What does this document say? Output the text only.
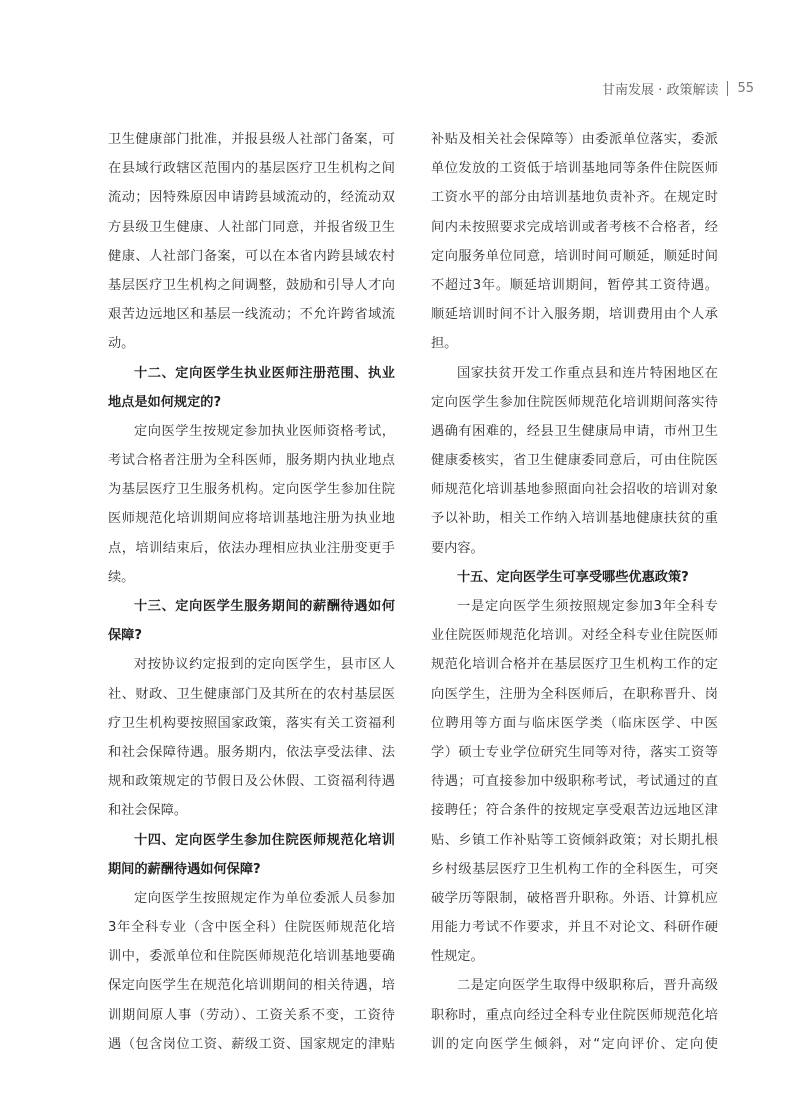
甘南发展 · 政策解读 55
卫生健康部门批准，并报县级人社部门备案，可
在县域行政辖区范围内的基层医疗卫生机构之间
流动；因特殊原因申请跨县域流动的，经流动双
方县级卫生健康、人社部门同意，并报省级卫生
健康、人社部门备案，可以在本省内跨县域农村
基层医疗卫生机构之间调整，鼓励和引导人才向
艰苦边远地区和基层一线流动；不允许跨省域流
动。
十二、定向医学生执业医师注册范围、执业
地点是如何规定的?
定向医学生按规定参加执业医师资格考试，
考试合格者注册为全科医师，服务期内执业地点
为基层医疗卫生服务机构。定向医学生参加住院
医师规范化培训期间应将培训基地注册为执业地
点，培训结束后，依法办理相应执业注册变更手
续。
十三、定向医学生服务期间的薪酬待遇如何
保障?
对按协议约定报到的定向医学生，县市区人
社、财政、卫生健康部门及其所在的农村基层医
疗卫生机构要按照国家政策，落实有关工资福利
和社会保障待遇。服务期内，依法享受法律、法
规和政策规定的节假日及公休假、工资福利待遇
和社会保障。
十四、定向医学生参加住院医师规范化培训
期间的薪酬待遇如何保障?
定向医学生按照规定作为单位委派人员参加
3年全科专业（含中医全科）住院医师规范化培
训中，委派单位和住院医师规范化培训基地要确
保定向医学生在规范化培训期间的相关待遇，培
训期间原人事（劳动）、工资关系不变，工资待
遇（包含岗位工资、薪级工资、国家规定的津贴
补贴及相关社会保障等）由委派单位落实，委派
单位发放的工资低于培训基地同等条件住院医师
工资水平的部分由培训基地负责补齐。在规定时
间内未按照要求完成培训或者考核不合格者，经
定向服务单位同意，培训时间可顺延，顺延时间
不超过3年。顺延培训期间，暂停其工资待遇。
顺延培训时间不计入服务期，培训费用由个人承
担。
国家扶贫开发工作重点县和连片特困地区在
定向医学生参加住院医师规范化培训期间落实待
遇确有困难的，经县卫生健康局申请，市州卫生
健康委核实，省卫生健康委同意后，可由住院医
师规范化培训基地参照面向社会招收的培训对象
予以补助，相关工作纳入培训基地健康扶贫的重
要内容。
十五、定向医学生可享受哪些优惠政策?
一是定向医学生须按照规定参加3年全科专
业住院医师规范化培训。对经全科专业住院医师
规范化培训合格并在基层医疗卫生机构工作的定
向医学生，注册为全科医师后，在职称晋升、岗
位聘用等方面与临床医学类（临床医学、中医
学）硕士专业学位研究生同等对待，落实工资等
待遇；可直接参加中级职称考试，考试通过的直
接聘任；符合条件的按规定享受艰苦边远地区津
贴、乡镇工作补贴等工资倾斜政策；对长期扎根
乡村级基层医疗卫生机构工作的全科医生，可突
破学历等限制，破格晋升职称。外语、计算机应
用能力考试不作要求，并且不对论文、科研作硬
性规定。
二是定向医学生取得中级职称后，晋升高级
职称时，重点向经过全科专业住院医师规范化培
训的定向医学生倾斜，对“定向评价、定向使
